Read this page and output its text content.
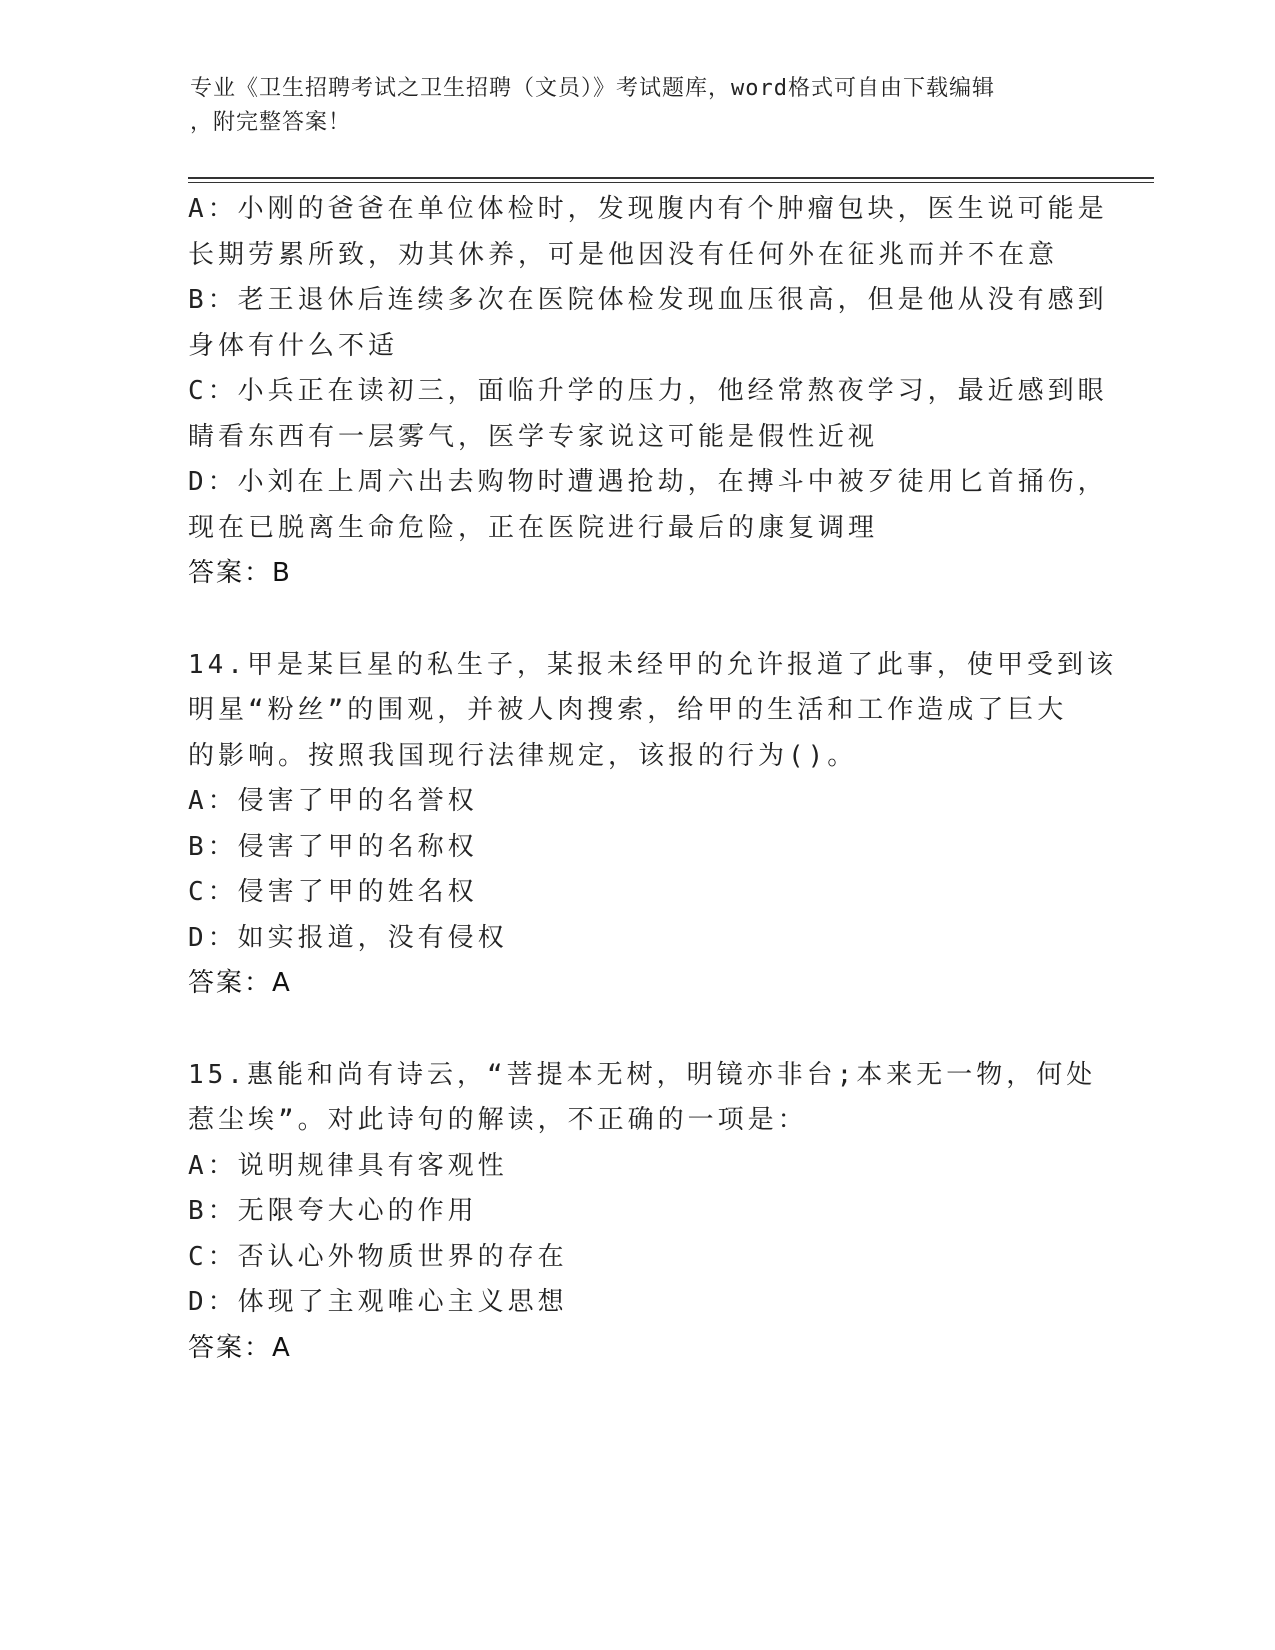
专业《卫生招聘考试之卫生招聘（文员）》考试题库，word格式可自由下载编辑
，附完整答案！
A：小刚的爸爸在单位体检时，发现腹内有个肿瘤包块，医生说可能是
长期劳累所致，劝其休养，可是他因没有任何外在征兆而并不在意
B：老王退休后连续多次在医院体检发现血压很高，但是他从没有感到
身体有什么不适
C：小兵正在读初三，面临升学的压力，他经常熬夜学习，最近感到眼
睛看东西有一层雾气，医学专家说这可能是假性近视
D：小刘在上周六出去购物时遭遇抢劫，在搏斗中被歹徒用匕首捅伤，
现在已脱离生命危险，正在医院进行最后的康复调理
答案：B
14.甲是某巨星的私生子，某报未经甲的允许报道了此事，使甲受到该
明星“粉丝”的围观，并被人肉搜索，给甲的生活和工作造成了巨大
的影响。按照我国现行法律规定，该报的行为()。
A：侵害了甲的名誉权
B：侵害了甲的名称权
C：侵害了甲的姓名权
D：如实报道，没有侵权
答案：A
15.惠能和尚有诗云，“菩提本无树，明镜亦非台;本来无一物，何处
惹尘埃”。对此诗句的解读，不正确的一项是：
A：说明规律具有客观性
B：无限夸大心的作用
C：否认心外物质世界的存在
D：体现了主观唯心主义思想
答案：A
